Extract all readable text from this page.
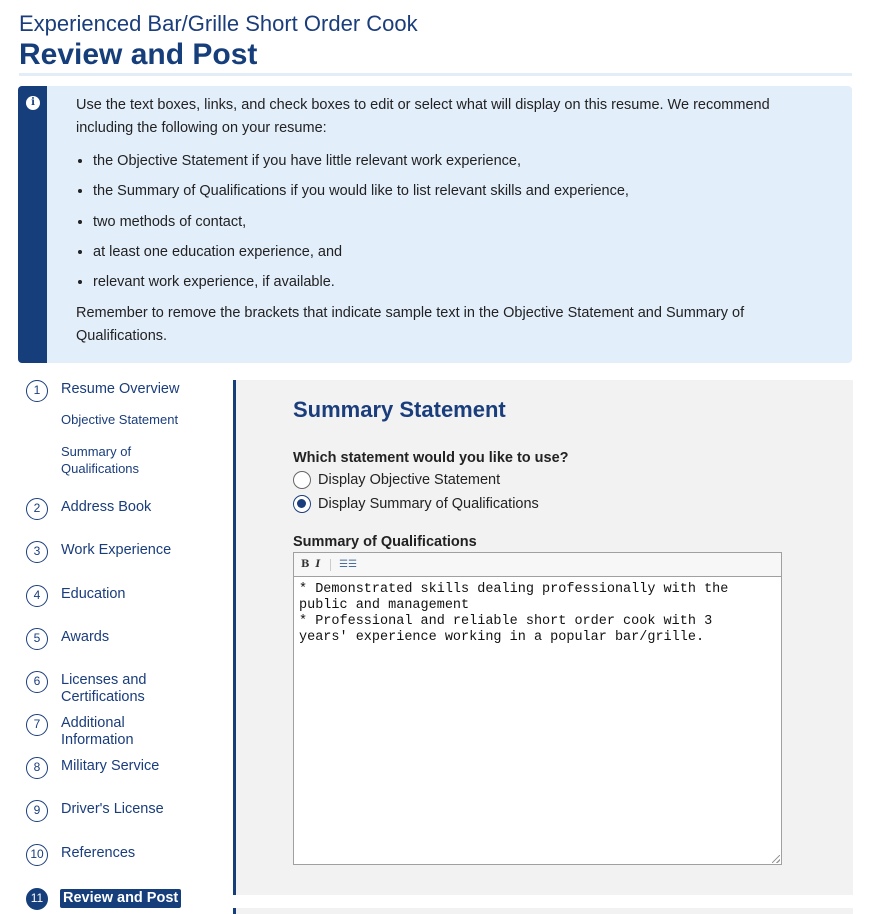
Experienced Bar/Grille Short Order Cook
Review and Post
i	Use the text boxes, links, and check boxes to edit or select what will display on this resume. We recommend including the following on your resume:

• the Objective Statement if you have little relevant work experience,
• the Summary of Qualifications if you would like to list relevant skills and experience,
• two methods of contact,
• at least one education experience, and
• relevant work experience, if available.

Remember to remove the brackets that indicate sample text in the Objective Statement and Summary of Qualifications.

1	Resume Overview
Objective Statement
Summary of Qualifications
2	Address Book
3	Work Experience
4	Education
5	Awards
6	Licenses and Certifications
7	Additional Information
8	Military Service
9	Driver's License
10 References
11	Review and Post
Summary Statement
Which statement would you like to use?
Display Objective Statement
Display Summary of Qualifications
Summary of Qualifications
B I ☰ ☰
* Demonstrated skills dealing professionally with the
public and management
* Professional and reliable short order cook with 3
years' experience working in a popular bar/grille.
